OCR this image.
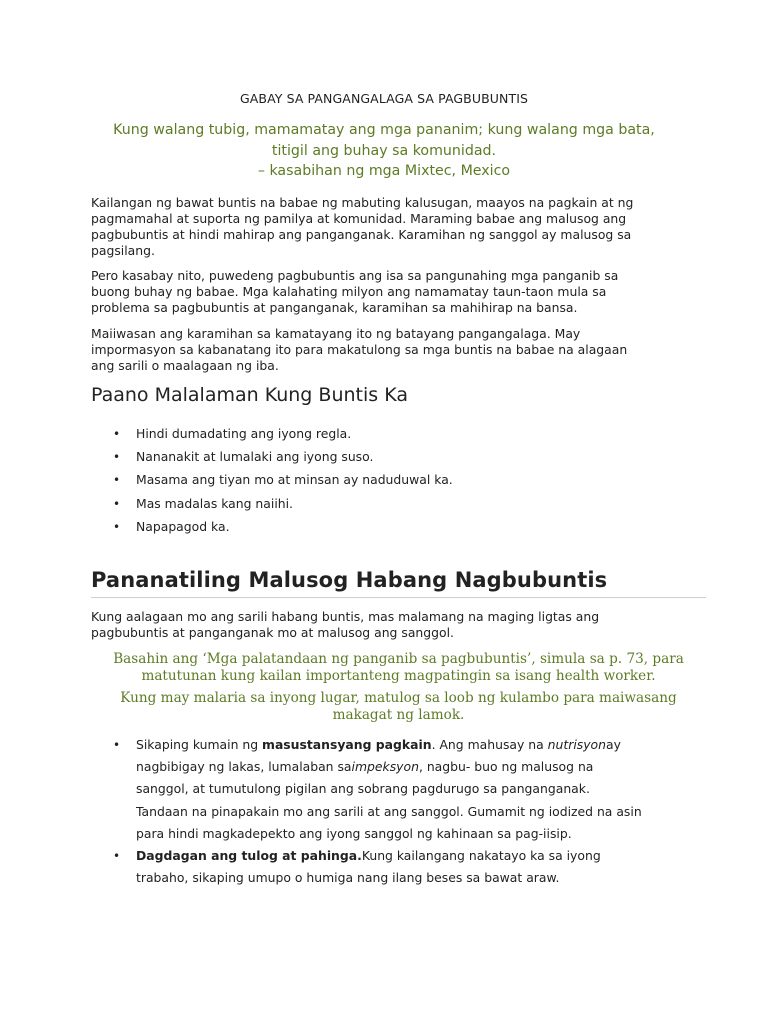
GABAY SA PANGANGALAGA SA PAGBUBUNTIS
Kung walang tubig, mamamatay ang mga pananim; kung walang mga bata,
titigil ang buhay sa komunidad.
– kasabihan ng mga Mixtec, Mexico
Kailangan ng bawat buntis na babae ng mabuting kalusugan, maayos na pagkain at ng
pagmamahal at suporta ng pamilya at komunidad. Maraming babae ang malusog ang
pagbubuntis at hindi mahirap ang panganganak. Karamihan ng sanggol ay malusog sa
pagsilang.
Pero kasabay nito, puwedeng pagbubuntis ang isa sa pangunahing mga panganib sa
buong buhay ng babae. Mga kalahating milyon ang namamatay taun-taon mula sa
problema sa pagbubuntis at panganganak, karamihan sa mahihirap na bansa.
Maiiwasan ang karamihan sa kamatayang ito ng batayang pangangalaga. May
impormasyon sa kabanatang ito para makatulong sa mga buntis na babae na alagaan
ang sarili o maalagaan ng iba.
Paano Malalaman Kung Buntis Ka
• Hindi dumadating ang iyong regla.
• Nananakit at lumalaki ang iyong suso.
• Masama ang tiyan mo at minsan ay naduduwal ka.
• Mas madalas kang naiihi.
• Napapagod ka.
Pananatiling Malusog Habang Nagbubuntis
Kung aalagaan mo ang sarili habang buntis, mas malamang na maging ligtas ang
pagbubuntis at panganganak mo at malusog ang sanggol.
Basahin ang ‘Mga palatandaan ng panganib sa pagbubuntis’, simula sa p. 73, para
matutunan kung kailan importanteng magpatingin sa isang health worker.
Kung may malaria sa inyong lugar, matulog sa loob ng kulambo para maiwasang
makagat ng lamok.
• Sikaping kumain ng masustansyang pagkain. Ang mahusay na nutrisyonay
nagbibigay ng lakas, lumalaban saimpeksyon, nagbu- buo ng malusog na
sanggol, at tumutulong pigilan ang sobrang pagdurugo sa panganganak.
Tandaan na pinapakain mo ang sarili at ang sanggol. Gumamit ng iodized na asin
para hindi magkadepekto ang iyong sanggol ng kahinaan sa pag-iisip.
• Dagdagan ang tulog at pahinga.Kung kailangang nakatayo ka sa iyong
trabaho, sikaping umupo o humiga nang ilang beses sa bawat araw.
